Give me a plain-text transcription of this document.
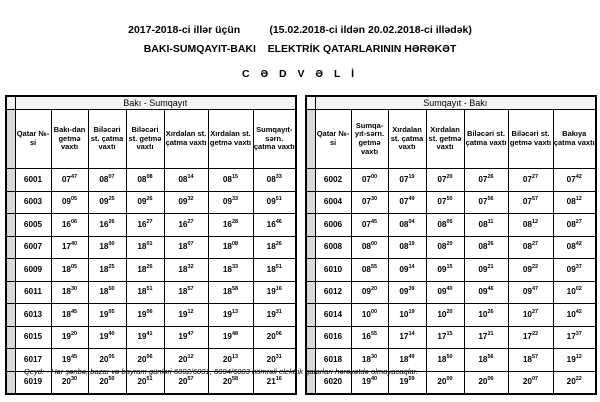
2017-2018-ci illər üçün          (15.02.2018-ci ildən 20.02.2018-ci illədək)
BAKI-SUMQAYIT-BAKI    ELEKTRİK QATARLARININ HƏRƏKƏT
C Ə D V Ə L İ
	Bakı - Sumqayıt						
	Qatar №-si	Bakı-dan getmə vaxtı	Biləcəri st. çatma vaxtı	Biləcəri st. getmə vaxtı	Xırdalan st. çatma vaxtı	Xırdalan st. getmə vaxtı	Sumqayıt-sərn. çatma vaxtı
	6001	$07^{47}$	$08^{07}$	$08^{08}$	$08^{14}$	$08^{15}$	$08^{33}$
	6003	$09^{05}$	$09^{25}$	$09^{26}$	$09^{32}$	$09^{33}$	$09^{51}$
	6005	$16^{06}$	$16^{26}$	$16^{27}$	$16^{27}$	$16^{28}$	$16^{46}$
	6007	$17^{40}$	$18^{00}$	$18^{01}$	$18^{07}$	$18^{08}$	$18^{26}$
	6009	$18^{05}$	$18^{25}$	$18^{26}$	$18^{32}$	$18^{33}$	$18^{51}$
	6011	$18^{30}$	$18^{50}$	$18^{51}$	$18^{57}$	$18^{58}$	$19^{16}$
	6013	$18^{45}$	$19^{05}$	$19^{06}$	$19^{12}$	$19^{13}$	$19^{31}$
	6015	$19^{20}$	$19^{40}$	$19^{41}$	$19^{47}$	$19^{48}$	$20^{06}$
	6017	$19^{45}$	$20^{05}$	$20^{06}$	$20^{12}$	$20^{13}$	$20^{31}$
	6019	$20^{30}$	$20^{50}$	$20^{51}$	$20^{57}$	$20^{58}$	$21^{16}$
	Sumqayıt - Bakı						
	Qatar №-si	Sumqa-yıt-sərn. getmə vaxtı	Xırdalan st. çatma vaxtı	Xırdalan st. getmə vaxtı	Biləcəri st. çatma vaxtı	Biləcəri st. getmə vaxtı	Bakıya çatma vaxtı
	6002	$07^{00}$	$07^{19}$	$07^{20}$	$07^{26}$	$07^{27}$	$07^{42}$
	6004	$07^{30}$	$07^{49}$	$07^{50}$	$07^{56}$	$07^{57}$	$08^{12}$
	6006	$07^{45}$	$08^{04}$	$08^{05}$	$08^{11}$	$08^{12}$	$08^{27}$
	6008	$08^{00}$	$08^{19}$	$08^{20}$	$08^{26}$	$08^{27}$	$08^{42}$
	6010	$08^{55}$	$09^{14}$	$09^{15}$	$09^{21}$	$09^{22}$	$09^{37}$
	6012	$09^{20}$	$09^{39}$	$09^{40}$	$09^{46}$	$09^{47}$	$10^{02}$
	6014	$10^{00}$	$10^{19}$	$10^{20}$	$10^{26}$	$10^{27}$	$10^{42}$
	6016	$16^{55}$	$17^{14}$	$17^{15}$	$17^{21}$	$17^{22}$	$17^{37}$
	6018	$18^{30}$	$18^{49}$	$18^{50}$	$18^{56}$	$18^{57}$	$19^{12}$
	6020	$19^{40}$	$19^{59}$	$20^{00}$	$20^{06}$	$20^{07}$	$20^{22}$
Qeyd: - Hər şənbə, bazar və bayram günləri 6002/6001, 6004/6003 nömrəli elektrik qatarları hərəkətdə olmayacaqlar.
